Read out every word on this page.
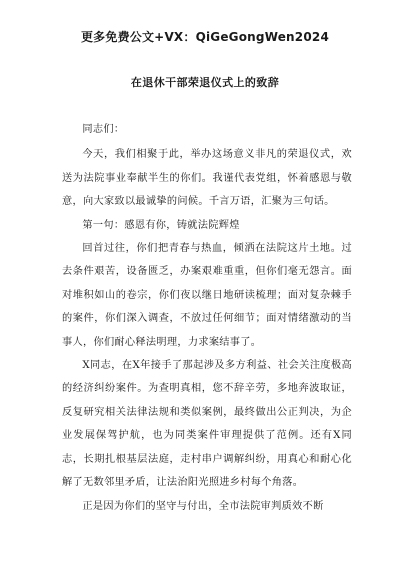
更多免费公文+VX：QiGeGongWen2024
在退休干部荣退仪式上的致辞

同志们：

今天，我们相聚于此，举办这场意义非凡的荣退仪式，欢送为法院事业奉献半生的你们。我谨代表党组，怀着感恩与敬意，向大家致以最诚挚的问候。千言万语，汇聚为三句话。

第一句：感恩有你，铸就法院辉煌

回首过往，你们把青春与热血，倾洒在法院这片土地。过去条件艰苦，设备匮乏，办案艰难重重，但你们毫无怨言。面对堆积如山的卷宗，你们夜以继日地研读梳理；面对复杂棘手的案件，你们深入调查，不放过任何细节；面对情绪激动的当事人，你们耐心释法明理，力求案结事了。

X同志，在X年接手了那起涉及多方利益、社会关注度极高的经济纠纷案件。为查明真相，您不辞辛劳，多地奔波取证，反复研究相关法律法规和类似案例，最终做出公正判决，为企业发展保驾护航，也为同类案件审理提供了范例。还有X同志，长期扎根基层法庭，走村串户调解纠纷，用真心和耐心化解了无数邻里矛盾，让法治阳光照进乡村每个角落。

正是因为你们的坚守与付出，全市法院审判质效不断
